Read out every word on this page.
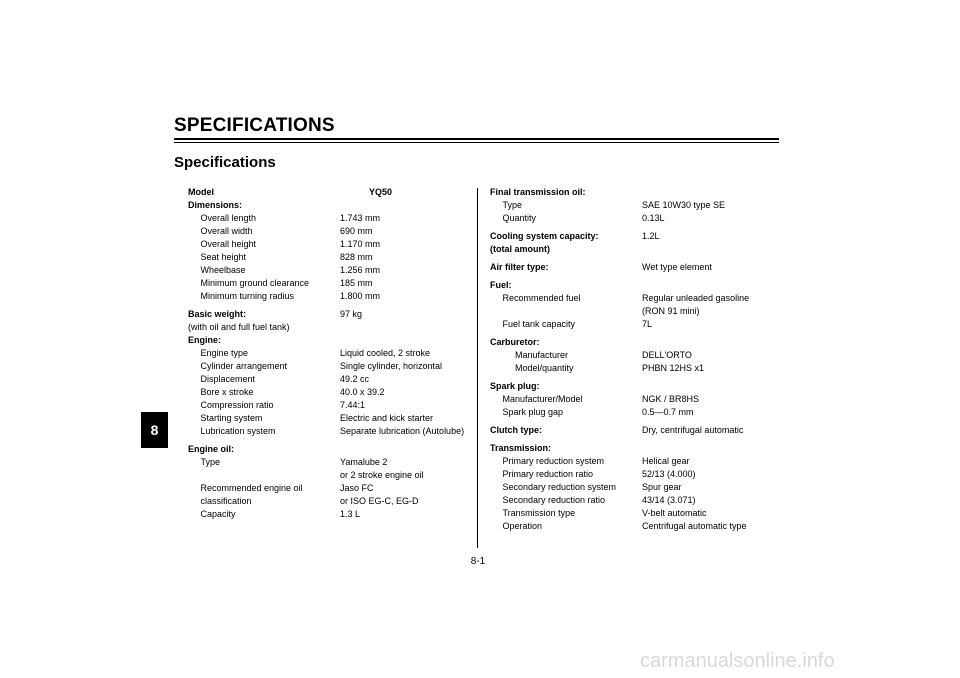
SPECIFICATIONS
Specifications
8
Model	YQ50
Dimensions:
Overall length	1.743 mm
Overall width	690 mm
Overall height	1.170 mm
Seat height	828 mm
Wheelbase	1.256 mm
Minimum ground clearance	185 mm
Minimum turning radius	1.800 mm
Basic weight:	97 kg
(with oil and full fuel tank)
Engine:
Engine type	Liquid cooled, 2 stroke
Cylinder arrangement	Single cylinder, horizontal
Displacement	49.2 cc
Bore x stroke	40.0 x 39.2
Compression ratio	7.44:1
Starting system	Electric and kick starter
Lubrication system	Separate lubrication (Autolube)
Engine oil:
Type	Yamalube 2
or 2 stroke engine oil
Recommended engine oil	Jaso FC
classification	or ISO EG-C, EG-D
Capacity	1.3 L
Final transmission oil:
Type	SAE 10W30 type SE
Quantity	0.13L
Cooling system capacity:	1.2L
(total amount)
Air filter type:	Wet type element
Fuel:
Recommended fuel	Regular unleaded gasoline
(RON 91 mini)
Fuel tank capacity	7L
Carburetor:
Manufacturer	DELL'ORTO
Model/quantity	PHBN 12HS x1
Spark plug:
Manufacturer/Model	NGK / BR8HS
Spark plug gap	0.5—0.7 mm
Clutch type:	Dry, centrifugal automatic
Transmission:
Primary reduction system	Helical gear
Primary reduction ratio	52/13 (4.000)
Secondary reduction system	Spur gear
Secondary reduction ratio	43/14 (3.071)
Transmission type	V-belt automatic
Operation	Centrifugal automatic type
8-1
carmanualsonline.info
